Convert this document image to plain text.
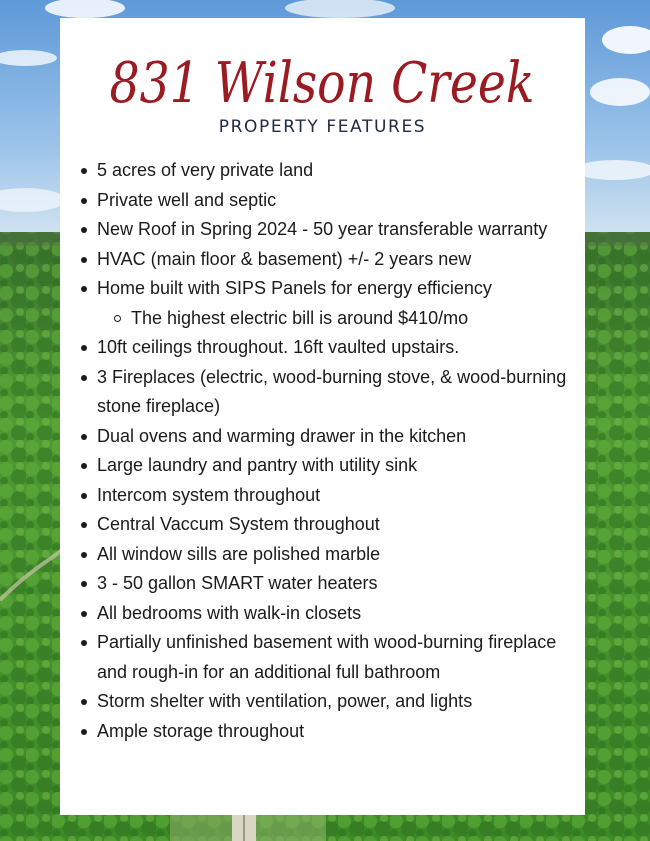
831 Wilson Creek
PROPERTY FEATURES
5 acres of very private land
Private well and septic
New Roof in Spring 2024 - 50 year transferable warranty
HVAC (main floor & basement) +/- 2 years new
Home built with SIPS Panels for energy efficiency
The highest electric bill is around $410/mo
10ft ceilings throughout. 16ft vaulted upstairs.
3 Fireplaces (electric, wood-burning stove, & wood-burning stone fireplace)
Dual ovens and warming drawer in the kitchen
Large laundry and pantry with utility sink
Intercom system throughout
Central Vaccum System throughout
All window sills are polished marble
3 - 50 gallon SMART water heaters
All bedrooms with walk-in closets
Partially unfinished basement with wood-burning fireplace and rough-in for an additional full bathroom
Storm shelter with ventilation, power, and lights
Ample storage throughout
